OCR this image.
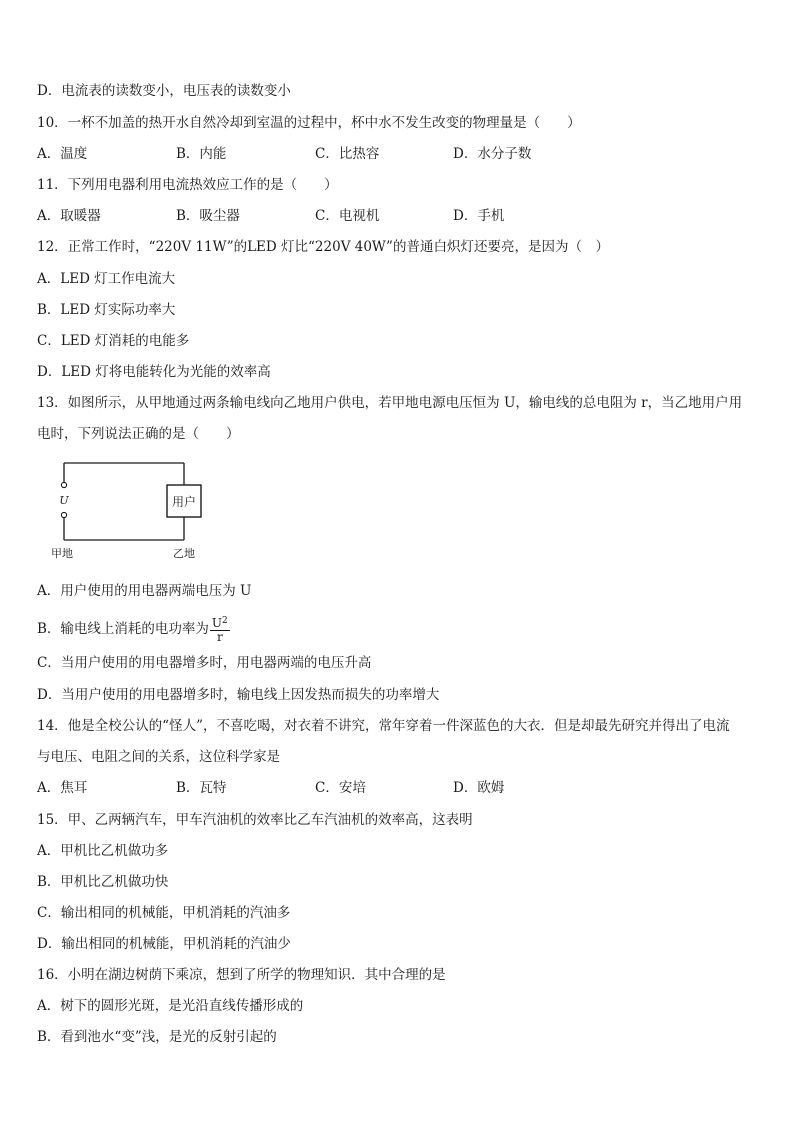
D．电流表的读数变小，电压表的读数变小
10．一杯不加盖的热开水自然冷却到室温的过程中，杯中水不发生改变的物理量是（　　）
A．温度	B．内能	C．比热容	D．水分子数
11．下列用电器利用电流热效应工作的是（　　）
A．取暖器	B．吸尘器	C．电视机	D．手机
12．正常工作时，“220V 11W”的LED 灯比“220V 40W”的普通白炽灯还要亮，是因为（　）
A．LED 灯工作电流大
B．LED 灯实际功率大
C．LED 灯消耗的电能多
D．LED 灯将电能转化为光能的效率高
13．如图所示，从甲地通过两条输电线向乙地用户供电，若甲地电源电压恒为 U，输电线的总电阻为 r，当乙地用户用
电时，下列说法正确的是（　　）
用户
U
甲地	乙地
A．用户使用的用电器两端电压为 U
B．输电线上消耗的电功率为 $\frac{U^2}{r}$
C．当用户使用的用电器增多时，用电器两端的电压升高
D．当用户使用的用电器增多时，输电线上因发热而损失的功率增大
14．他是全校公认的“怪人”，不喜吃喝，对衣着不讲究，常年穿着一件深蓝色的大衣．但是却最先研究并得出了电流
与电压、电阻之间的关系，这位科学家是
A．焦耳	B．瓦特	C．安培	D．欧姆
15．甲、乙两辆汽车，甲车汽油机的效率比乙车汽油机的效率高，这表明
A．甲机比乙机做功多
B．甲机比乙机做功快
C．输出相同的机械能，甲机消耗的汽油多
D．输出相同的机械能，甲机消耗的汽油少
16．小明在湖边树荫下乘凉，想到了所学的物理知识．其中合理的是
A．树下的圆形光斑，是光沿直线传播形成的
B．看到池水“变”浅，是光的反射引起的
